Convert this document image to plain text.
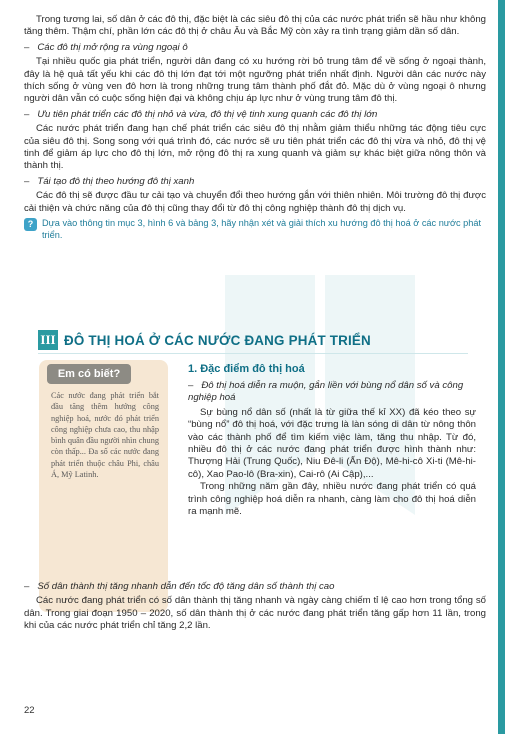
Trong tương lai, số dân ở các đô thị, đặc biệt là các siêu đô thị của các nước phát triển sẽ hầu như không tăng thêm. Thậm chí, phần lớn các đô thị ở châu Âu và Bắc Mỹ còn xảy ra tình trạng giảm dần số dân.

– Các đô thị mở rộng ra vùng ngoại ô

Tại nhiều quốc gia phát triển, người dân đang có xu hướng rời bỏ trung tâm để về sống ở ngoại thành, đây là hệ quả tất yếu khi các đô thị lớn đạt tới một ngưỡng phát triển nhất định. Người dân các nước này thích sống ở vùng ven đô hơn là trong những trung tâm thành phố đắt đỏ. Mặc dù ở vùng ngoại ô nhưng người dân vẫn có cuộc sống hiện đại và không chịu áp lực như ở vùng trung tâm đô thị.

– Ưu tiên phát triển các đô thị nhỏ và vừa, đô thị vệ tinh xung quanh các đô thị lớn

Các nước phát triển đang hạn chế phát triển các siêu đô thị nhằm giảm thiểu những tác động tiêu cực của siêu đô thị. Song song với quá trình đó, các nước sẽ ưu tiên phát triển các đô thị vừa và nhỏ, đô thị vệ tinh để giảm áp lực cho đô thị lớn, mở rộng đô thị ra xung quanh và giảm sự khác biệt giữa nông thôn và thành thị.

– Tái tạo đô thị theo hướng đô thị xanh

Các đô thị sẽ được đầu tư cải tạo và chuyển đổi theo hướng gắn với thiên nhiên. Môi trường đô thị được cải thiện và chức năng của đô thị cũng thay đổi từ đô thị công nghiệp thành đô thị dịch vụ.

? Dựa vào thông tin mục 3, hình 6 và bảng 3, hãy nhận xét và giải thích xu hướng đô thị hoá ở các nước phát triển.
III ĐÔ THỊ HOÁ Ở CÁC NƯỚC ĐANG PHÁT TRIỂN
Em có biết?
Các nước đang phát triển bắt đầu tăng thêm hướng công nghiệp hoá, nước đó phát triển công nghiệp chưa cao, thu nhập bình quân đầu người nhìn chung còn thấp... Đa số các nước đang phát triển thuộc châu Phi, châu Á, Mỹ Latinh.
1. Đặc điểm đô thị hoá
– Đô thị hoá diễn ra muộn, gắn liền với bùng nổ dân số và công nghiệp hoá

Sự bùng nổ dân số (nhất là từ giữa thế kỉ XX) đã kéo theo sự “bùng nổ” đô thị hoá, với đặc trưng là làn sóng di dân từ nông thôn vào các thành phố để tìm kiếm việc làm, tăng thu nhập. Từ đó, nhiều đô thị ở các nước đang phát triển được hình thành như: Thượng Hải (Trung Quốc), Niu Đê-li (Ấn Độ), Mê-hi-cô Xi-ti (Mê-hi-cô), Xao Pao-lô (Bra-xin), Cai-rô (Ai Cập),...

Trong những năm gần đây, nhiều nước đang phát triển có quá trình công nghiệp hoá diễn ra nhanh, càng làm cho đô thị hoá diễn ra mạnh mẽ.

– Số dân thành thị tăng nhanh dẫn đến tốc độ tăng dân số thành thị cao

Các nước đang phát triển có số dân thành thị tăng nhanh và ngày càng chiếm tỉ lệ cao hơn trong tổng số dân. Trong giai đoạn 1950 – 2020, số dân thành thị ở các nước đang phát triển tăng gấp hơn 11 lần, trong khi của các nước phát triển chỉ tăng 2,2 lần.

22
